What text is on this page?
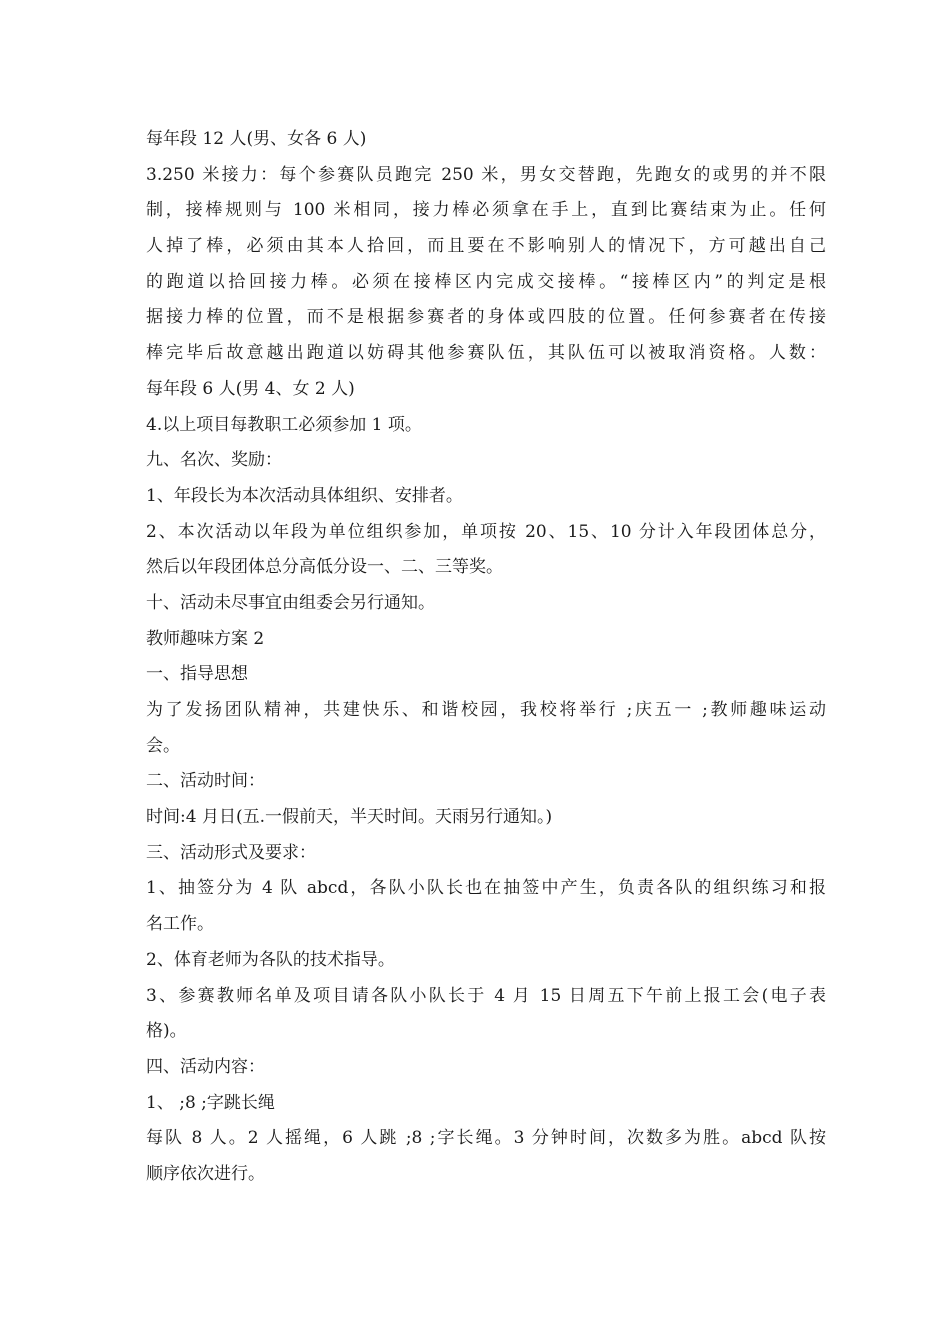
每年段 12 人(男、女各 6 人)
3.250 米接力：每个参赛队员跑完 250 米，男女交替跑，先跑女的或男的并不限
制，接棒规则与 100 米相同，接力棒必须拿在手上，直到比赛结束为止。任何
人掉了棒，必须由其本人拾回，而且要在不影响别人的情况下，方可越出自己
的跑道以拾回接力棒。必须在接棒区内完成交接棒。“接棒区内”的判定是根
据接力棒的位置，而不是根据参赛者的身体或四肢的位置。任何参赛者在传接
棒完毕后故意越出跑道以妨碍其他参赛队伍，其队伍可以被取消资格。人数：
每年段 6 人(男 4、女 2 人)
4.以上项目每教职工必须参加 1 项。
九、名次、奖励：
1、年段长为本次活动具体组织、安排者。
2、本次活动以年段为单位组织参加，单项按 20、15、10 分计入年段团体总分，
然后以年段团体总分高低分设一、二、三等奖。
十、活动未尽事宜由组委会另行通知。
教师趣味方案 2
一、指导思想
为了发扬团队精神，共建快乐、和谐校园，我校将举行 ;庆五一 ;教师趣味运动
会。
二、活动时间：
时间:4 月日(五.一假前天，半天时间。天雨另行通知。)
三、活动形式及要求：
1、抽签分为 4 队 abcd，各队小队长也在抽签中产生，负责各队的组织练习和报
名工作。
2、体育老师为各队的技术指导。
3、参赛教师名单及项目请各队小队长于 4 月 15 日周五下午前上报工会(电子表
格)。
四、活动内容：
1、 ;8 ;字跳长绳
每队 8 人。2 人摇绳，6 人跳 ;8 ;字长绳。3 分钟时间，次数多为胜。abcd 队按
顺序依次进行。
